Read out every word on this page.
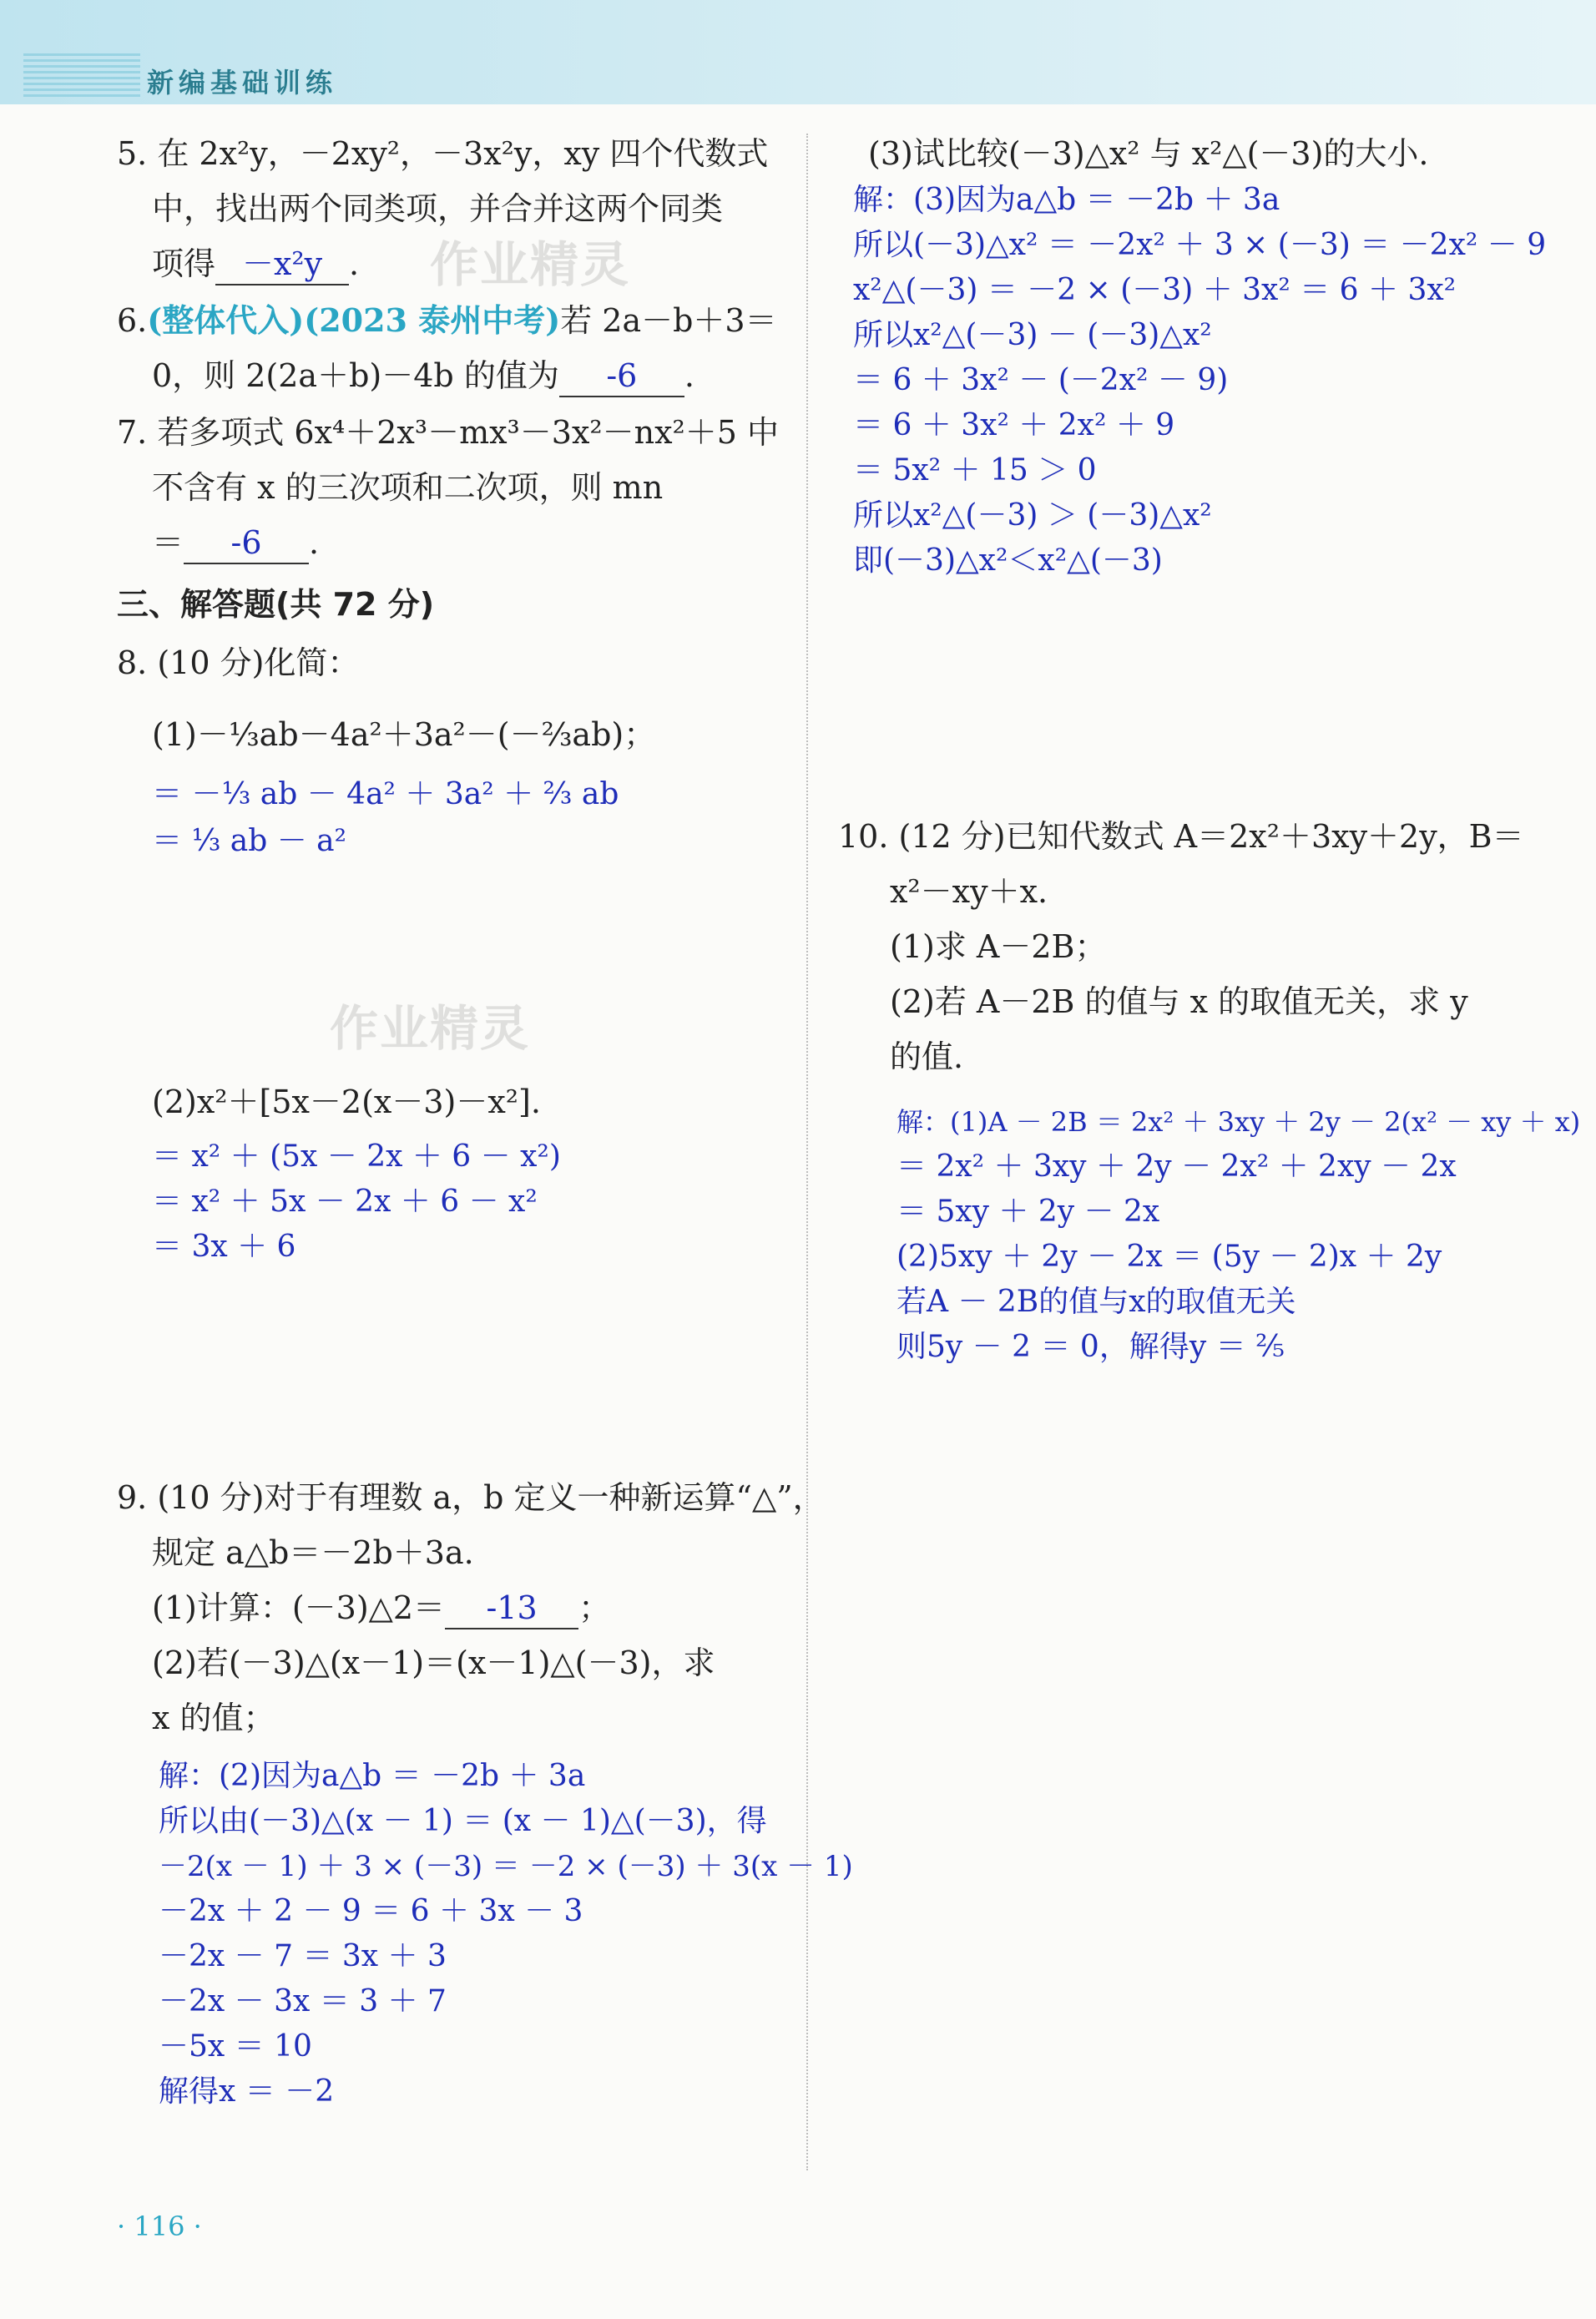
新编基础训练
作业精灵
作业精灵
5. 在 2x²y，－2xy²，－3x²y，xy 四个代数式
中，找出两个同类项，并合并这两个同类
项得 －x²y .
6.(整体代入)(2023 泰州中考)若 2a－b＋3＝
0，则 2(2a＋b)－4b 的值为 -6 .
7. 若多项式 6x⁴＋2x³－mx³－3x²－nx²＋5 中
不含有 x 的三次项和二次项，则 mn
＝ -6 .
三、解答题(共 72 分)
8. (10 分)化简：
(1)－⅓ab－4a²＋3a²－(－⅔ab)；
＝ －⅓ ab － 4a² ＋ 3a² ＋ ⅔ ab
＝ ⅓ ab － a²
(2)x²＋[5x－2(x－3)－x²].
＝ x² ＋ (5x － 2x ＋ 6 － x²)
＝ x² ＋ 5x － 2x ＋ 6 － x²
＝ 3x ＋ 6
9. (10 分)对于有理数 a，b 定义一种新运算“△”，
规定 a△b＝－2b＋3a.
(1)计算：(－3)△2＝ -13 ；
(2)若(－3)△(x－1)＝(x－1)△(－3)，求
x 的值；
解：(2)因为a△b ＝ －2b ＋ 3a
所以由(－3)△(x － 1) ＝ (x － 1)△(－3)，得
－2(x － 1) ＋ 3 × (－3) ＝ －2 × (－3) ＋ 3(x － 1)
－2x ＋ 2 － 9 ＝ 6 ＋ 3x － 3
－2x － 7 ＝ 3x ＋ 3
－2x － 3x ＝ 3 ＋ 7
－5x ＝ 10
解得x ＝ －2
(3)试比较(－3)△x² 与 x²△(－3)的大小.
解：(3)因为a△b ＝ －2b ＋ 3a
所以(－3)△x² ＝ －2x² ＋ 3 × (－3) ＝ －2x² － 9
x²△(－3) ＝ －2 × (－3) ＋ 3x² ＝ 6 ＋ 3x²
所以x²△(－3) － (－3)△x²
＝ 6 ＋ 3x² － (－2x² － 9)
＝ 6 ＋ 3x² ＋ 2x² ＋ 9
＝ 5x² ＋ 15 ＞ 0
所以x²△(－3) ＞ (－3)△x²
即(－3)△x²＜x²△(－3)
10. (12 分)已知代数式 A＝2x²＋3xy＋2y，B＝
x²－xy＋x.
(1)求 A－2B；
(2)若 A－2B 的值与 x 的取值无关，求 y
的值.
解：(1)A － 2B ＝ 2x² ＋ 3xy ＋ 2y － 2(x² － xy ＋ x)
＝ 2x² ＋ 3xy ＋ 2y － 2x² ＋ 2xy － 2x
＝ 5xy ＋ 2y － 2x
(2)5xy ＋ 2y － 2x ＝ (5y － 2)x ＋ 2y
若A － 2B的值与x的取值无关
则5y － 2 ＝ 0，解得y ＝ ⅖
· 116 ·
